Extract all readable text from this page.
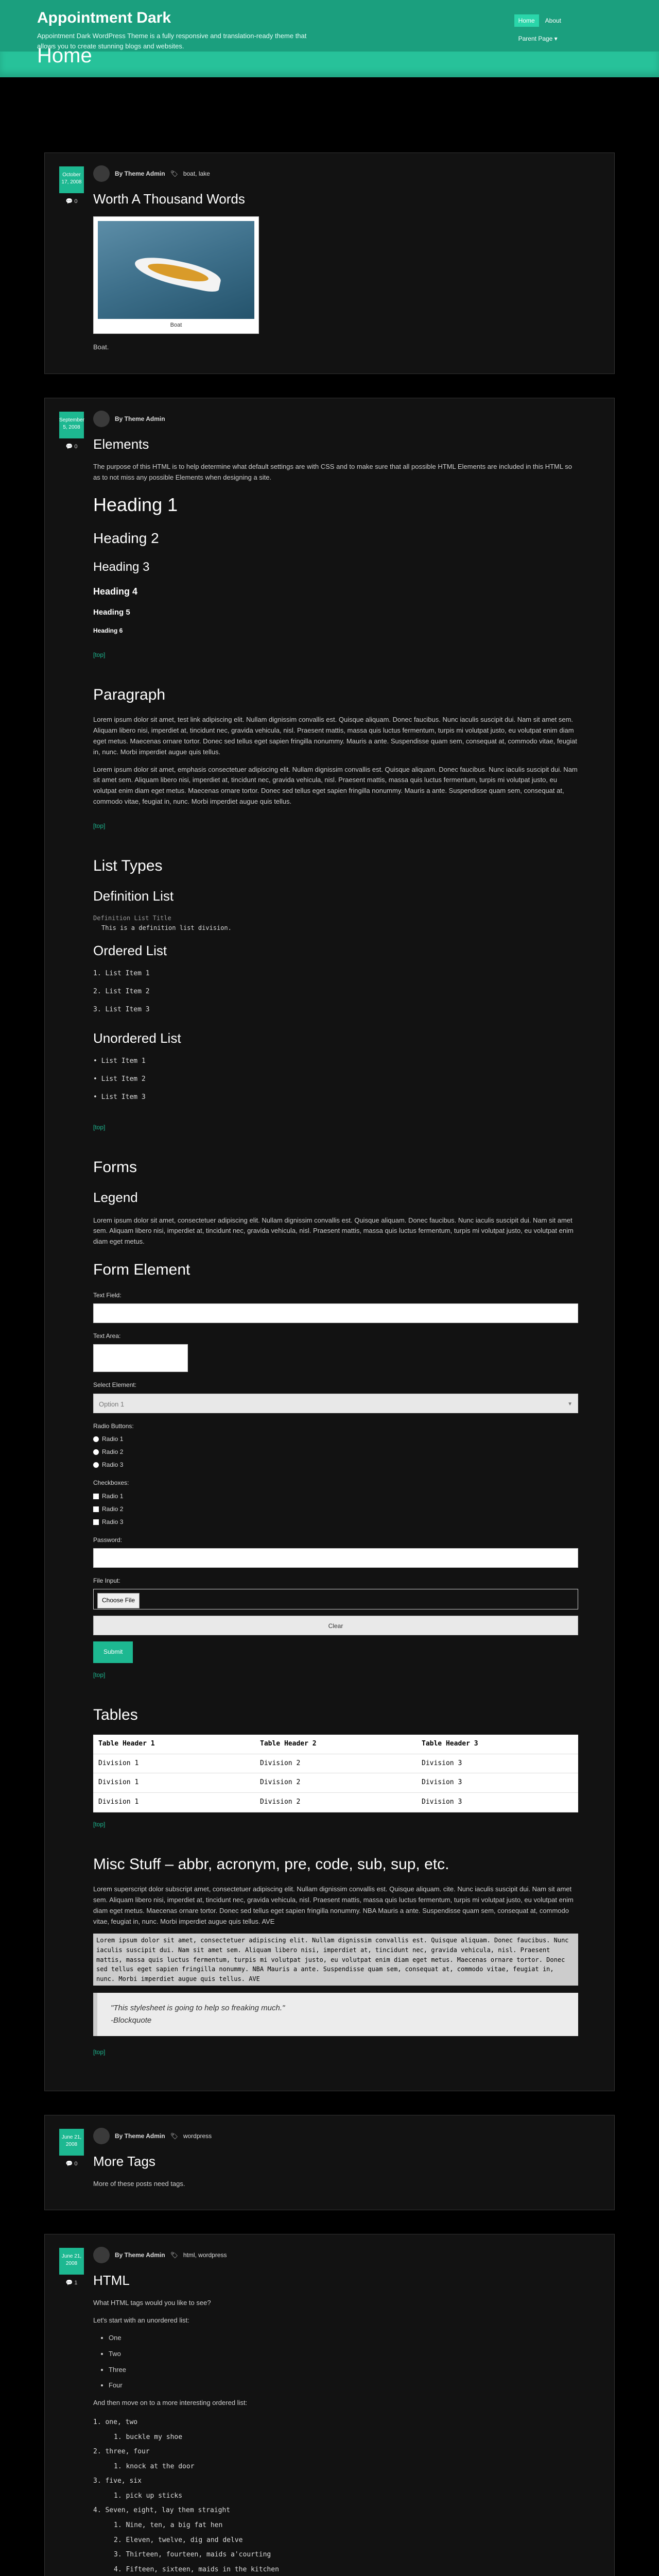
Appointment Dark
Appointment Dark WordPress Theme is a fully responsive and translation-ready theme that allows you to create stunning blogs and websites.
Home	About
Parent Page ▾
Home
October 17, 2008
💬 0
By Theme Admin 🏷 boat, lake
Worth A Thousand Words
Boat
Boat.
September 5, 2008
💬 0
By Theme Admin
Elements

The purpose of this HTML is to help determine what default settings are with CSS and to make sure that all possible HTML Elements are included in this HTML so as to not miss any possible Elements when designing a site.

Heading 1
Heading 2
Heading 3
Heading 4
Heading 5
Heading 6
[top]
Paragraph

Lorem ipsum dolor sit amet, test link adipiscing elit. Nullam dignissim convallis est. Quisque aliquam. Donec faucibus. Nunc iaculis suscipit dui. Nam sit amet sem. Aliquam libero nisi, imperdiet at, tincidunt nec, gravida vehicula, nisl. Praesent mattis, massa quis luctus fermentum, turpis mi volutpat justo, eu volutpat enim diam eget metus. Maecenas ornare tortor. Donec sed tellus eget sapien fringilla nonummy. Mauris a ante. Suspendisse quam sem, consequat at, commodo vitae, feugiat in, nunc. Morbi imperdiet augue quis tellus.

Lorem ipsum dolor sit amet, emphasis consectetuer adipiscing elit. Nullam dignissim convallis est. Quisque aliquam. Donec faucibus. Nunc iaculis suscipit dui. Nam sit amet sem. Aliquam libero nisi, imperdiet at, tincidunt nec, gravida vehicula, nisl. Praesent mattis, massa quis luctus fermentum, turpis mi volutpat justo, eu volutpat enim diam eget metus. Maecenas ornare tortor. Donec sed tellus eget sapien fringilla nonummy. Mauris a ante. Suspendisse quam sem, consequat at, commodo vitae, feugiat in, nunc. Morbi imperdiet augue quis tellus.

[top]
List Types
Definition List
Definition List Title
This is a definition list division.
Ordered List
1. List Item 1
2. List Item 2
3. List Item 3
Unordered List
• List Item 1
• List Item 2
• List Item 3
[top]
Forms
Legend

Lorem ipsum dolor sit amet, consectetuer adipiscing elit. Nullam dignissim convallis est. Quisque aliquam. Donec faucibus. Nunc iaculis suscipit dui. Nam sit amet sem. Aliquam libero nisi, imperdiet at, tincidunt nec, gravida vehicula, nisl. Praesent mattis, massa quis luctus fermentum, turpis mi volutpat justo, eu volutpat enim diam eget metus.

Form Element
Text Field:
Text Area:
Select Element:
Option 1	▼
Radio Buttons:
Radio 1
Radio 2
Radio 3
Checkboxes:
Radio 1
Radio 2
Radio 3
Password:
File Input:
Choose File
Clear
Submit
[top]
Tables
Table Header 1	Table Header 2	Table Header 3
Division 1	Division 2	Division 3
Division 1	Division 2	Division 3
Division 1	Division 2	Division 3
[top]
Misc Stuff – abbr, acronym, pre, code, sub, sup, etc.

Lorem superscript dolor subscript amet, consectetuer adipiscing elit. Nullam dignissim convallis est. Quisque aliquam. cite. Nunc iaculis suscipit dui. Nam sit amet sem. Aliquam libero nisi, imperdiet at, tincidunt nec, gravida vehicula, nisl. Praesent mattis, massa quis luctus fermentum, turpis mi volutpat justo, eu volutpat enim diam eget metus. Maecenas ornare tortor. Donec sed tellus eget sapien fringilla nonummy. NBA Mauris a ante. Suspendisse quam sem, consequat at, commodo vitae, feugiat in, nunc. Morbi imperdiet augue quis tellus. AVE

Lorem ipsum dolor sit amet, consectetuer adipiscing elit. Nullam dignissim convallis est. Quisque aliquam. Donec faucibus. Nunc iaculis suscipit dui. Nam sit amet sem. Aliquam libero nisi, imperdiet at, tincidunt nec, gravida vehicula, nisl. Praesent mattis, massa quis luctus fermentum, turpis mi volutpat justo, eu volutpat enim diam eget metus. Maecenas ornare tortor. Donec sed tellus eget sapien fringilla nonummy. NBA Mauris a ante. Suspendisse quam sem, consequat at, commodo vitae, feugiat in, nunc. Morbi imperdiet augue quis tellus. AVE
"This stylesheet is going to help so freaking much."
-Blockquote
[top]
June 21, 2008
💬 0
By Theme Admin 🏷 wordpress
More Tags
More of these posts need tags.
June 21, 2008
💬 1
By Theme Admin 🏷 html, wordpress
HTML

What HTML tags would you like to see?

Let's start with an unordered list:

• One
• Two
• Three
• Four

And then move on to a more interesting ordered list:

1. one, two
1. buckle my shoe
2. three, four
1. knock at the door
3. five, six
1. pick up sticks
4. Seven, eight, lay them straight
1. Nine, ten, a big fat hen
2. Eleven, twelve, dig and delve
3. Thirteen, fourteen, maids a'courting
4. Fifteen, sixteen, maids in the kitchen
